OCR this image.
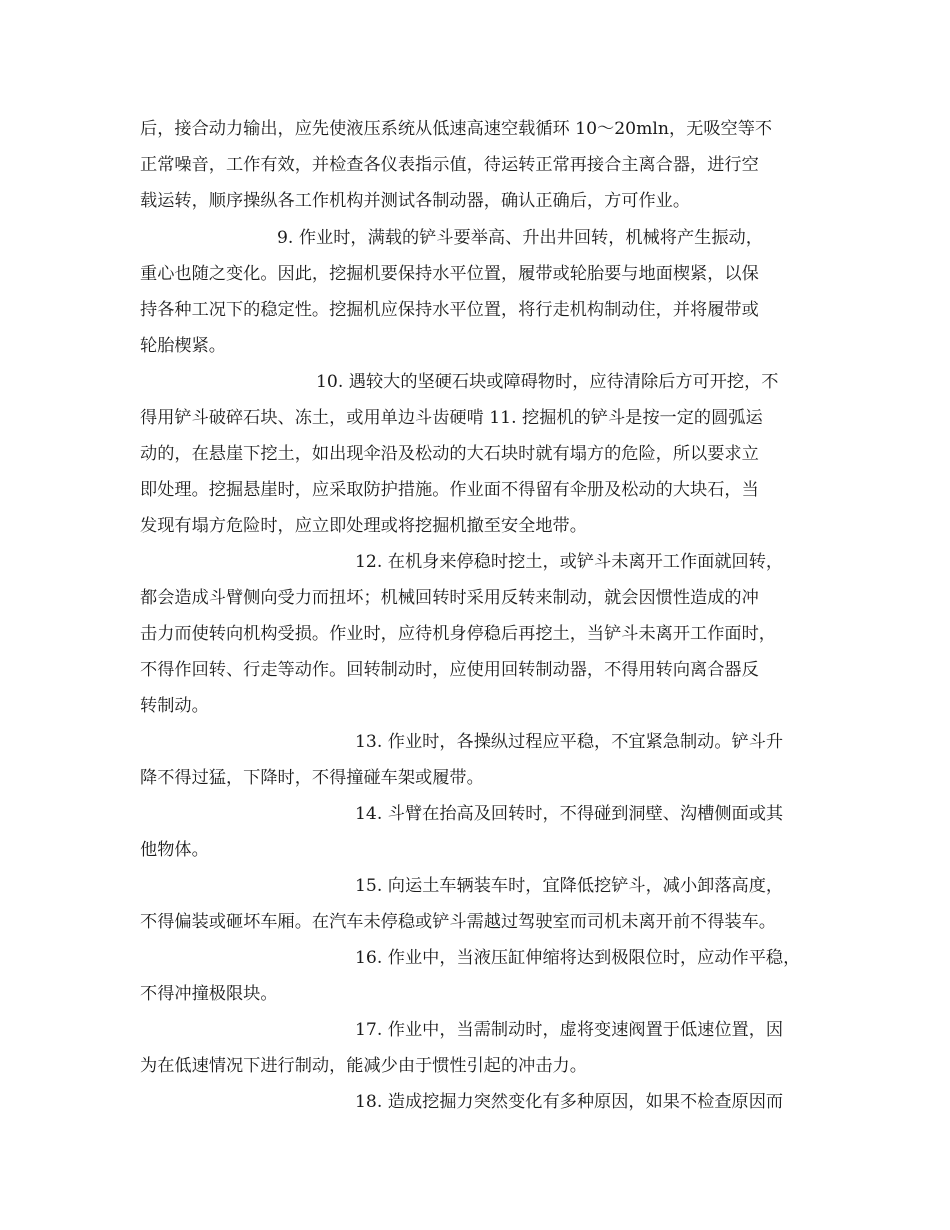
后，接合动力输出，应先使液压系统从低速高速空载循环 10～20mln，无吸空等不
正常噪音，工作有效，并检查各仪表指示值，待运转正常再接合主离合器，进行空
载运转，顺序操纵各工作机构并测试各制动器，确认正确后，方可作业。
9. 作业时，满载的铲斗要举高、升出井回转，机械将产生振动，
重心也随之变化。因此，挖掘机要保持水平位置，履带或轮胎要与地面楔紧，以保
持各种工况下的稳定性。挖掘机应保持水平位置，将行走机构制动住，并将履带或
轮胎楔紧。
10. 遇较大的坚硬石块或障碍物时，应待清除后方可开挖，不
得用铲斗破碎石块、冻土，或用单边斗齿硬啃 11. 挖掘机的铲斗是按一定的圆弧运
动的，在悬崖下挖土，如出现伞沿及松动的大石块时就有塌方的危险，所以要求立
即处理。挖掘悬崖时，应采取防护措施。作业面不得留有伞册及松动的大块石，当
发现有塌方危险时，应立即处理或将挖掘机撤至安全地带。
12. 在机身来停稳时挖土，或铲斗未离开工作面就回转，
都会造成斗臂侧向受力而扭坏；机械回转时采用反转来制动，就会因惯性造成的冲
击力而使转向机构受损。作业时，应待机身停稳后再挖土，当铲斗未离开工作面时，
不得作回转、行走等动作。回转制动时，应使用回转制动器，不得用转向离合器反
转制动。
13. 作业时，各操纵过程应平稳，不宜紧急制动。铲斗升
降不得过猛，下降时，不得撞碰车架或履带。
14. 斗臂在抬高及回转时，不得碰到洞壁、沟槽侧面或其
他物体。
15. 向运土车辆装车时，宜降低挖铲斗，减小卸落高度，
不得偏装或砸坏车厢。在汽车未停稳或铲斗需越过驾驶室而司机未离开前不得装车。
16. 作业中，当液压缸伸缩将达到极限位时，应动作平稳，
不得冲撞极限块。
17. 作业中，当需制动时，虚将变速阀置于低速位置，因
为在低速情况下进行制动，能减少由于惯性引起的冲击力。
18. 造成挖掘力突然变化有多种原因，如果不检查原因而
